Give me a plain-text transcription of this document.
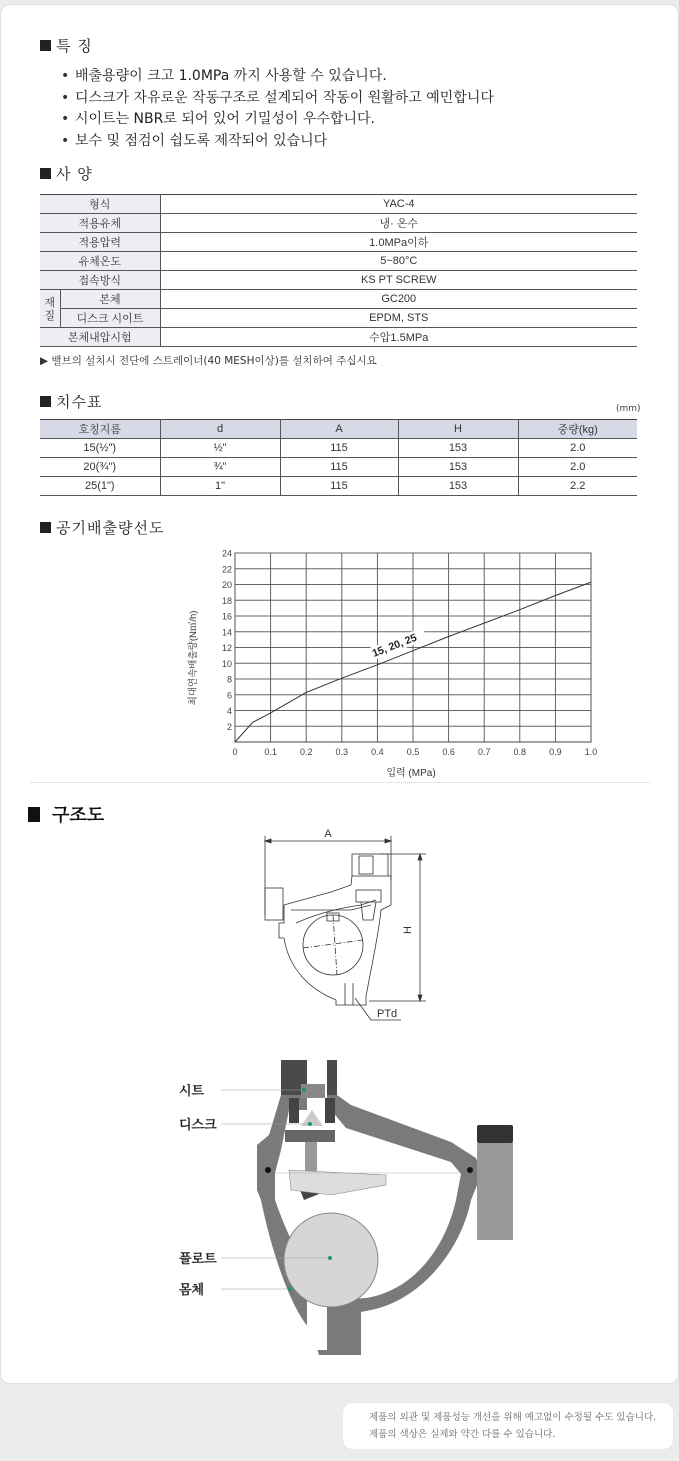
특 징
• 배출용량이 크고 1.0MPa 까지 사용할 수 있습니다.
• 디스크가 자유로운 작동구조로 설계되어 작동이 원활하고 예민합니다
• 시이트는 NBR로 되어 있어 기밀성이 우수합니다.
• 보수 및 점검이 쉽도록 제작되어 있습니다
사 양
형식		YAC-4
적용유체		냉· 온수
적용압력		1.0MPa이하
유체온도		5~80°C
접속방식		KS PT SCREW

재
질	본체	GC200
	디스크 시이트	EPDM, STS
본체내압시험		수압1.5MPa
▶ 밸브의 설치시 전단에 스트레이너(40 MESH이상)를 설치하여 주십시요
치수표	(mm)
호칭지름	d	A	H	중량(kg)
15(½")	½"	115	153	2.0
20(¾")	¾"	115	153	2.0
25(1")	1"	115	153	2.2
공기배출량선도
2
4
6
8
10
12
14
16
18
20
22
24
0	0.1	0.2	0.3	0.4	0.5	0.6	0.7	0.8	0.9	1.0
15, 20, 25
입력 (MPa)
최대연속배출량(N㎥/h)
구조도
A
H
PTd
시트
디스크
플로트
몸체
제품의 외관 및 제품성능 개선을 위해 예고없이 수정될 수도 있습니다.
제품의 색상은 실제와 약간 다를 수 있습니다.
